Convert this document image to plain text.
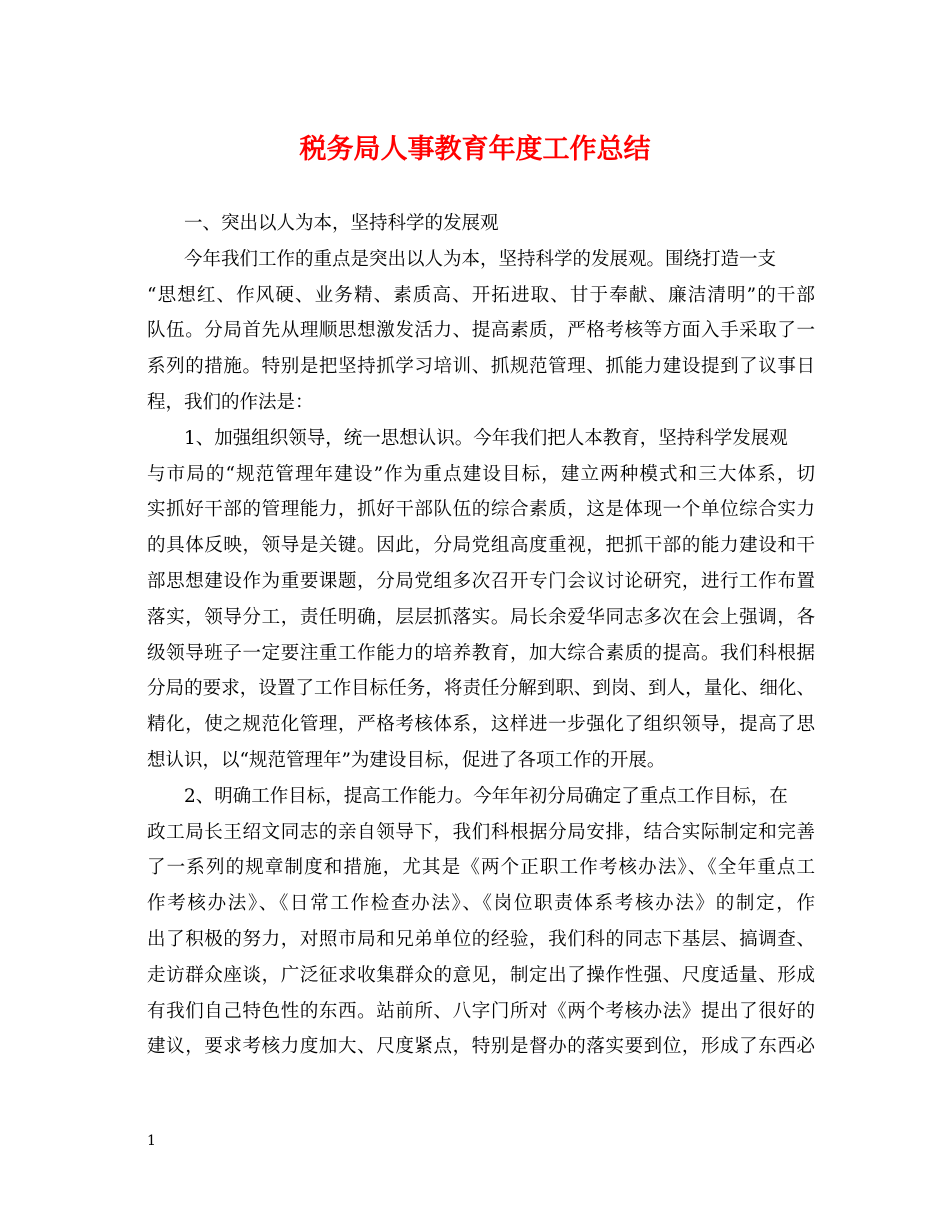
税务局人事教育年度工作总结
一、突出以人为本，坚持科学的发展观
今年我们工作的重点是突出以人为本，坚持科学的发展观。围绕打造一支
“思想红、作风硬、业务精、素质高、开拓进取、甘于奉献、廉洁清明”的干部
队伍。分局首先从理顺思想激发活力、提高素质，严格考核等方面入手采取了一
系列的措施。特别是把坚持抓学习培训、抓规范管理、抓能力建设提到了议事日
程，我们的作法是：
1、加强组织领导，统一思想认识。今年我们把人本教育，坚持科学发展观
与市局的“规范管理年建设”作为重点建设目标，建立两种模式和三大体系，切
实抓好干部的管理能力，抓好干部队伍的综合素质，这是体现一个单位综合实力
的具体反映，领导是关键。因此，分局党组高度重视，把抓干部的能力建设和干
部思想建设作为重要课题，分局党组多次召开专门会议讨论研究，进行工作布置
落实，领导分工，责任明确，层层抓落实。局长余爱华同志多次在会上强调，各
级领导班子一定要注重工作能力的培养教育，加大综合素质的提高。我们科根据
分局的要求，设置了工作目标任务，将责任分解到职、到岗、到人，量化、细化、
精化，使之规范化管理，严格考核体系，这样进一步强化了组织领导，提高了思
想认识，以“规范管理年”为建设目标，促进了各项工作的开展。
2、明确工作目标，提高工作能力。今年年初分局确定了重点工作目标，在
政工局长王绍文同志的亲自领导下，我们科根据分局安排，结合实际制定和完善
了一系列的规章制度和措施，尤其是《两个正职工作考核办法》、《全年重点工
作考核办法》、《日常工作检查办法》、《岗位职责体系考核办法》的制定，作
出了积极的努力，对照市局和兄弟单位的经验，我们科的同志下基层、搞调查、
走访群众座谈，广泛征求收集群众的意见，制定出了操作性强、尺度适量、形成
有我们自己特色性的东西。站前所、八字门所对《两个考核办法》提出了很好的
建议，要求考核力度加大、尺度紧点，特别是督办的落实要到位，形成了东西必
1
